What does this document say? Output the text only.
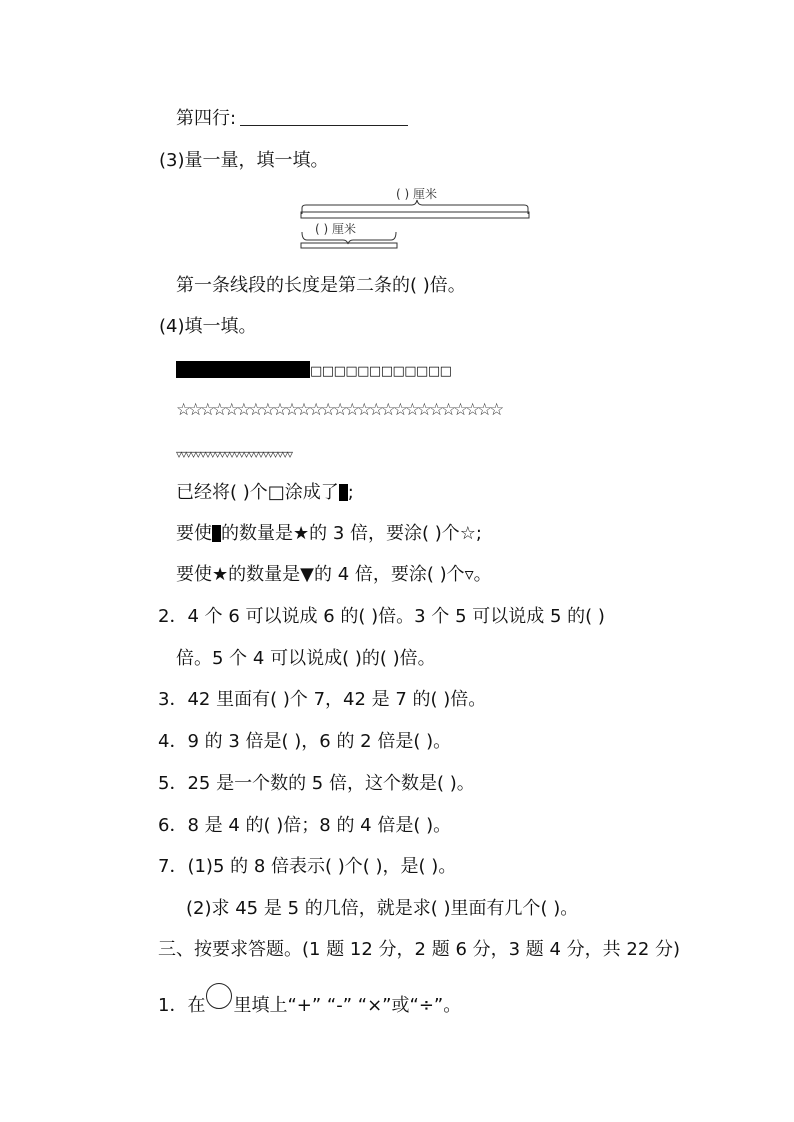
第四行:
(3)量一量，填一填。
( ) 厘米
( ) 厘米
第一条线段的长度是第二条的( )倍。
(4)填一填。
□□□□□□□□□□□□
☆☆☆☆☆☆☆☆☆☆☆☆☆☆☆☆☆☆☆☆☆☆☆☆☆☆☆
▿▿▿▿▿▿▿▿▿▿▿▿▿▿▿▿▿▿▿▿▿▿▿▿
已经将( )个□涂成了 ;
要使 的数量是★的 3 倍，要涂( )个☆;
要使★的数量是▼的 4 倍，要涂( )个▿。
2．4 个 6 可以说成 6 的( )倍。3 个 5 可以说成 5 的( )
倍。5 个 4 可以说成( )的( )倍。
3．42 里面有( )个 7，42 是 7 的( )倍。
4．9 的 3 倍是( )，6 的 2 倍是( )。
5．25 是一个数的 5 倍，这个数是( )。
6．8 是 4 的( )倍；8 的 4 倍是( )。
7．(1)5 的 8 倍表示( )个( )，是( )。
(2)求 45 是 5 的几倍，就是求( )里面有几个( )。
三、按要求答题。(1 题 12 分，2 题 6 分，3 题 4 分，共 22 分)
1．在 里填上“+” “-” “×”或“÷”。
